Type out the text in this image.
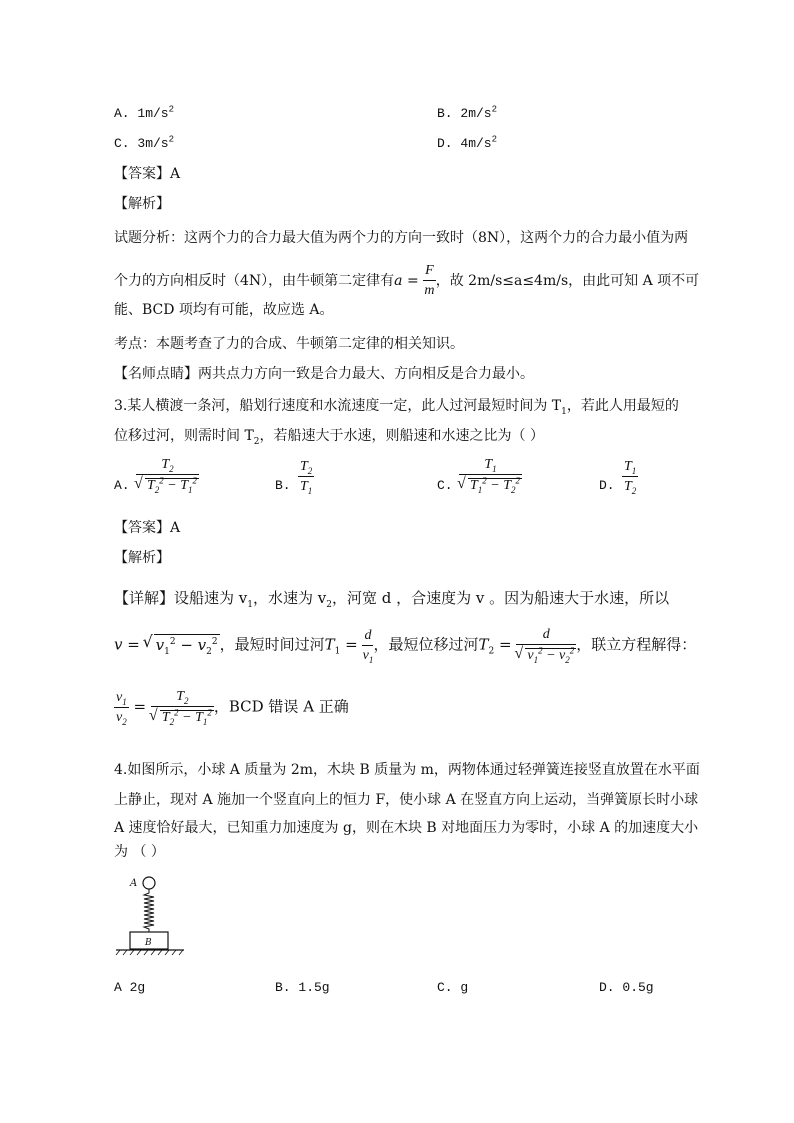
A. $1m/s^2$	B. $2m/s^2$
C. $3m/s^2$	D. $4m/s^2$
【答案】A
【解析】
试题分析：这两个力的合力最大值为两个力的方向一致时（8N），这两个力的合力最小值为两
个力的方向相反时（4N），由牛顿第二定律有$a = \frac{F}{m}$ ，故 2m/s≤a≤4m/s，由此可知 A 项不可
能、BCD 项均有可能，故应选 A。
考点：本题考查了力的合成、牛顿第二定律的相关知识。
【名师点睛】两共点力方向一致是合力最大、方向相反是合力最小。
3.某人横渡一条河，船划行速度和水流速度一定，此人过河最短时间为 $T_1$，若此人用最短的
位移过河，则需时间 $T_2$，若船速大于水速，则船速和水速之比为（ ）
A. $T_2$
√ $T_2^2 - T_1^2$	B. $\frac{T_2}{T_1}$	C. $T_1$
√ $T_1^2 - T_2^2$	D. $\frac{T_1}{T_2}$
【答案】A
【解析】
【详解】设船速为 $v_1$，水速为 $v_2$，河宽 d ，合速度为 v 。因为船速大于水速，所以
v = √ $v_1^2 - v_2^2$ ，最短时间过河$T_1 = \frac{d}{v_1}$ ，最短位移过河$T_2 = d$
√ $v_1^2 - v_2^2$ ，联立方程解得：
$\frac{v_1}{v_2} = T_2$
√ $T_2^2 - T_1^2$ ，BCD 错误 A 正确
4.如图所示，小球 A 质量为 2m，木块 B 质量为 m，两物体通过轻弹簧连接竖直放置在水平面
上静止，现对 A 施加一个竖直向上的恒力 F，使小球 A 在竖直方向上运动，当弹簧原长时小球
A 速度恰好最大，已知重力加速度为 g，则在木块 B 对地面压力为零时，小球 A 的加速度大小
为 （ ）
A
B
A 2g	B. 1.5g	C. g	D. 0.5g
